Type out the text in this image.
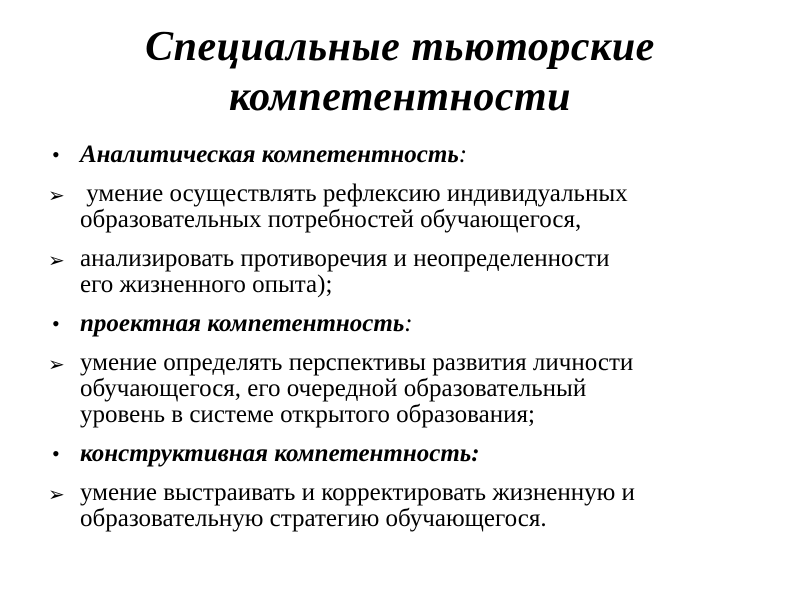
Специальные тьюторские
компетентности
• Аналитическая компетентность:
➢ умение осуществлять рефлексию индивидуальных
образовательных потребностей обучающегося,
➢ анализировать противоречия и неопределенности
его жизненного опыта);
• проектная компетентность:
➢ умение определять перспективы развития личности
обучающегося, его очередной образовательный
уровень в системе открытого образования;
• конструктивная компетентность:
➢ умение выстраивать и корректировать жизненную и
образовательную стратегию обучающегося.
